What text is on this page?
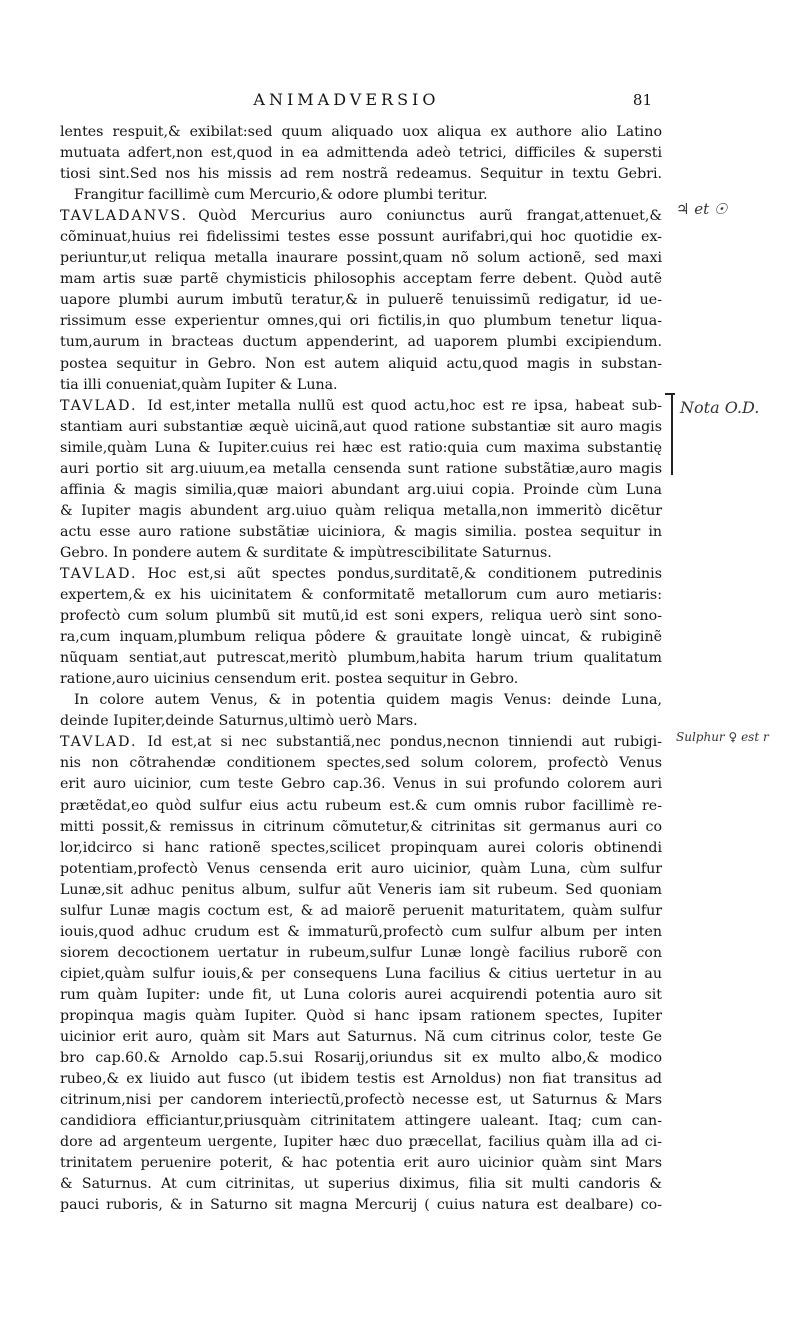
ANIMADVERSIO	81
lentes respuit,& exibilat:sed quum aliquado uox aliqua ex authore alio Latino
mutuata adfert,non est,quod in ea admittenda adeò tetrici, difficiles & supersti
tiosi sint.Sed nos his missis ad rem nostrã redeamus. Sequitur in textu Gebri.
Frangitur facillimè cum Mercurio,& odore plumbi teritur.
TAVLADANVS. Quòd Mercurius auro coniunctus aurũ frangat,attenuet,&
cõminuat,huius rei fidelissimi testes esse possunt aurifabri,qui hoc quotidie ex-
periuntur,ut reliqua metalla inaurare possint,quam nõ solum actionẽ, sed maxi
mam artis suæ partẽ chymisticis philosophis acceptam ferre debent. Quòd autẽ
uapore plumbi aurum imbutũ teratur,& in puluerẽ tenuissimũ redigatur, id ue-
rissimum esse experientur omnes,qui ori fictilis,in quo plumbum tenetur liqua-
tum,aurum in bracteas ductum appenderint, ad uaporem plumbi excipiendum.
postea sequitur in Gebro. Non est autem aliquid actu,quod magis in substan-
tia illi conueniat,quàm Iupiter & Luna.
TAVLAD. Id est,inter metalla nullũ est quod actu,hoc est re ipsa, habeat sub-
stantiam auri substantiæ æquè uicinã,aut quod ratione substantiæ sit auro magis
simile,quàm Luna & Iupiter.cuius rei hæc est ratio:quia cum maxima substantię
auri portio sit arg.uiuum,ea metalla censenda sunt ratione substãtiæ,auro magis
affinia & magis similia,quæ maiori abundant arg.uiui copia. Proinde cùm Luna
& Iupiter magis abundent arg.uiuo quàm reliqua metalla,non immeritò dicẽtur
actu esse auro ratione substãtiæ uiciniora, & magis similia. postea sequitur in
Gebro. In pondere autem & surditate & impùtrescibilitate Saturnus.
TAVLAD. Hoc est,si aũt spectes pondus,surditatẽ,& conditionem putredinis
expertem,& ex his uicinitatem & conformitatẽ metallorum cum auro metiaris:
profectò cum solum plumbũ sit mutũ,id est soni expers, reliqua uerò sint sono-
ra,cum inquam,plumbum reliqua pôdere & grauitate longè uincat, & rubiginẽ
nũquam sentiat,aut putrescat,meritò plumbum,habita harum trium qualitatum
ratione,auro uicinius censendum erit. postea sequitur in Gebro.
In colore autem Venus, & in potentia quidem magis Venus: deinde Luna,
deinde Iupiter,deinde Saturnus,ultimò uerò Mars.
TAVLAD. Id est,at si nec substantiã,nec pondus,necnon tinniendi aut rubigi-
nis non cõtrahendæ conditionem spectes,sed solum colorem, profectò Venus
erit auro uicinior, cum teste Gebro cap.36. Venus in sui profundo colorem auri
prætẽdat,eo quòd sulfur eius actu rubeum est.& cum omnis rubor facillimè re-
mitti possit,& remissus in citrinum cõmutetur,& citrinitas sit germanus auri co
lor,idcirco si hanc rationẽ spectes,scilicet propinquam aurei coloris obtinendi
potentiam,profectò Venus censenda erit auro uicinior, quàm Luna, cùm sulfur
Lunæ,sit adhuc penitus album, sulfur aũt Veneris iam sit rubeum. Sed quoniam
sulfur Lunæ magis coctum est, & ad maiorẽ peruenit maturitatem, quàm sulfur
iouis,quod adhuc crudum est & immaturũ,profectò cum sulfur album per inten
siorem decoctionem uertatur in rubeum,sulfur Lunæ longè facilius ruborẽ con
cipiet,quàm sulfur iouis,& per consequens Luna facilius & citius uertetur in au
rum quàm Iupiter: unde fit, ut Luna coloris aurei acquirendi potentia auro sit
propinqua magis quàm Iupiter. Quòd si hanc ipsam rationem spectes, Iupiter
uicinior erit auro, quàm sit Mars aut Saturnus. Nã cum citrinus color, teste Ge
bro cap.60.& Arnoldo cap.5.sui Rosarij,oriundus sit ex multo albo,& modico
rubeo,& ex liuido aut fusco (ut ibidem testis est Arnoldus) non fiat transitus ad
citrinum,nisi per candorem interiectũ,profectò necesse est, ut Saturnus & Mars
candidiora efficiantur,priusquàm citrinitatem attingere ualeant. Itaq; cum can-
dore ad argenteum uergente, Iupiter hæc duo præcellat, facilius quàm illa ad ci-
trinitatem peruenire poterit, & hac potentia erit auro uicinior quàm sint Mars
& Saturnus. At cum citrinitas, ut superius diximus, filia sit multi candoris &
pauci ruboris, & in Saturno sit magna Mercurij ( cuius natura est dealbare) co-
♃ et ☉
Nota O.D.
Sulphur ♀ est r
